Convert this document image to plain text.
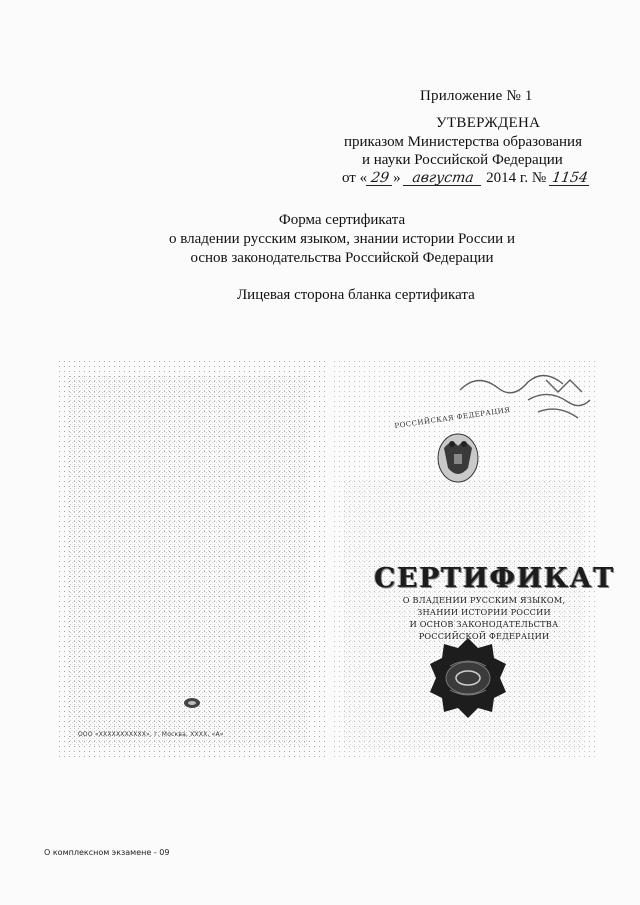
Приложение № 1
УТВЕРЖДЕНА
приказом Министерства образования
и науки Российской Федерации
от « 29 » августа 2014 г. № 1154
Форма сертификата
о владении русским языком, знании истории России и
основ законодательства Российской Федерации
Лицевая сторона бланка сертификата
РОССИЙСКАЯ ФЕДЕРАЦИЯ
СЕРТИФИКАТ
О ВЛАДЕНИИ РУССКИМ ЯЗЫКОМ,
ЗНАНИИ ИСТОРИИ РОССИИ
И ОСНОВ ЗАКОНОДАТЕЛЬСТВА
РОССИЙСКОЙ ФЕДЕРАЦИИ
ООО «XXXXXXXXXXX», г. Москва, XXXX, «А»
О комплексном экзамене - 09
